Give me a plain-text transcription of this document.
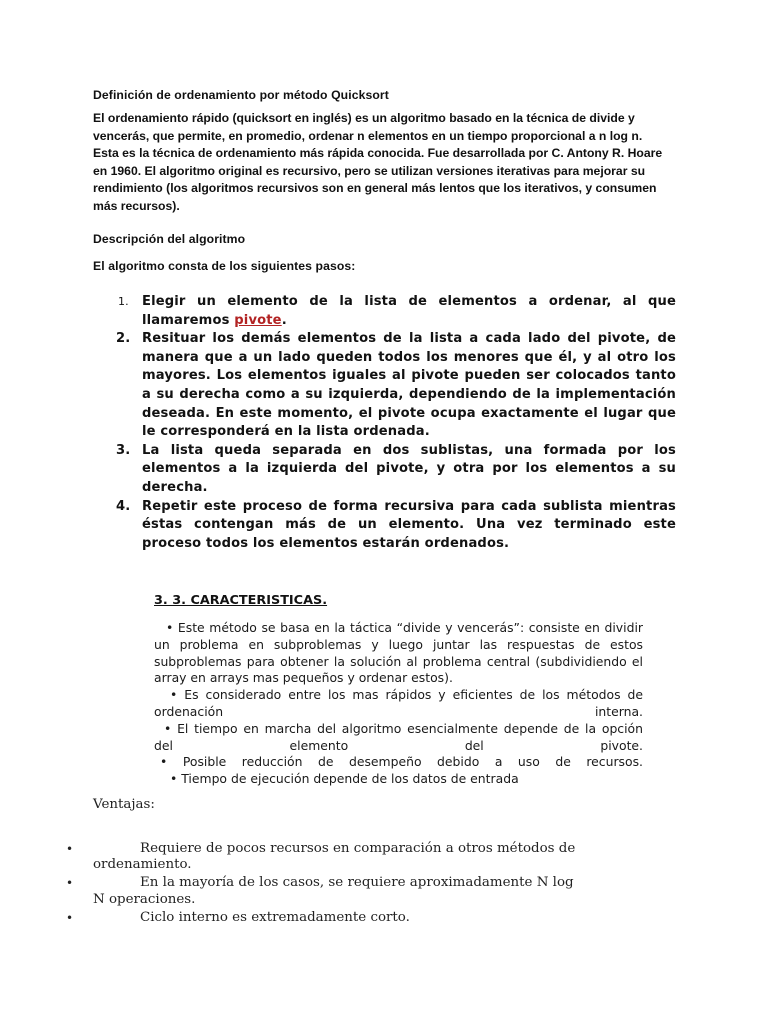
Definición de ordenamiento por método Quicksort

El ordenamiento rápido (quicksort en inglés) es un algoritmo basado en la técnica de divide y vencerás, que permite, en promedio, ordenar n elementos en un tiempo proporcional a n log n. Esta es la técnica de ordenamiento más rápida conocida. Fue desarrollada por C. Antony R. Hoare en 1960. El algoritmo original es recursivo, pero se utilizan versiones iterativas para mejorar su rendimiento (los algoritmos recursivos son en general más lentos que los iterativos, y consumen más recursos).

Descripción del algoritmo
El algoritmo consta de los siguientes pasos:
1. Elegir un elemento de la lista de elementos a ordenar, al que llamaremos pivote.
2. Resituar los demás elementos de la lista a cada lado del pivote, de manera que a un lado queden todos los menores que él, y al otro los mayores. Los elementos iguales al pivote pueden ser colocados tanto a su derecha como a su izquierda, dependiendo de la implementación deseada. En este momento, el pivote ocupa exactamente el lugar que le corresponderá en la lista ordenada.
3. La lista queda separada en dos sublistas, una formada por los elementos a la izquierda del pivote, y otra por los elementos a su derecha.
4. Repetir este proceso de forma recursiva para cada sublista mientras éstas contengan más de un elemento. Una vez terminado este proceso todos los elementos estarán ordenados.
3. 3. CARACTERISTICAS.

• Este método se basa en la táctica “divide y vencerás”: consiste en dividir un problema en subproblemas y luego juntar las respuestas de estos subproblemas para obtener la solución al problema central (subdividiendo el array en arrays mas pequeños y ordenar estos).

• Es considerado entre los mas rápidos y eficientes de los métodos de ordenación interna.

• El tiempo en marcha del algoritmo esencialmente depende de la opción del elemento del pivote.

• Posible reducción de desempeño debido a uso de recursos.

• Tiempo de ejecución depende de los datos de entrada

Ventajas:
•	Requiere de pocos recursos en comparación a otros métodos de ordenamiento.
•	En la mayoría de los casos, se requiere aproximadamente N log N operaciones.
•	Ciclo interno es extremadamente corto.
